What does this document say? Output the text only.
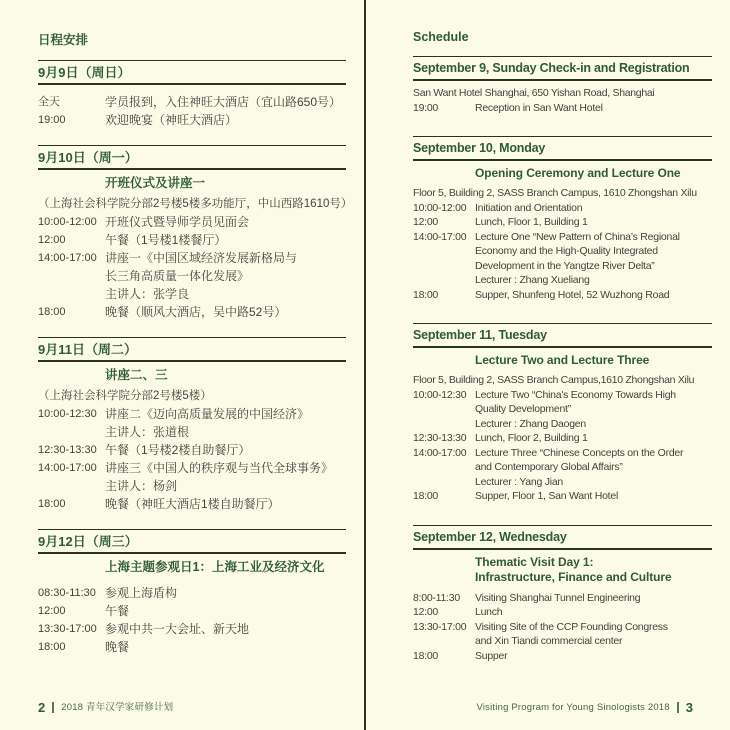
日程安排
9月9日（周日）
全天	学员报到，入住神旺大酒店（宜山路650号）
19:00	欢迎晚宴（神旺大酒店）
9月10日（周一）
开班仪式及讲座一
（上海社会科学院分部2号楼5楼多功能厅，中山西路1610号）
10:00-12:00 开班仪式暨导师学员见面会
12:00	午餐（1号楼1楼餐厅）
14:00-17:00 讲座一《中国区域经济发展新格局与
长三角高质量一体化发展》
主讲人：张学良
18:00	晚餐（顺风大酒店，吴中路52号）
9月11日（周二）
讲座二、三
（上海社会科学院分部2号楼5楼）
10:00-12:30 讲座二《迈向高质量发展的中国经济》
主讲人：张道根
12:30-13:30 午餐（1号楼2楼自助餐厅）
14:00-17:00 讲座三《中国人的秩序观与当代全球事务》
主讲人：杨剑
18:00	晚餐（神旺大酒店1楼自助餐厅）
9月12日（周三）
上海主题参观日1：上海工业及经济文化
08:30-11:30 参观上海盾构
12:00	午餐
13:30-17:00 参观中共一大会址、新天地
18:00	晚餐
2 2018 青年汉学家研修计划
Schedule
September 9, Sunday Check-in and Registration
San Want Hotel Shanghai, 650 Yishan Road, Shanghai
19:00	Reception in San Want Hotel
September 10, Monday
Opening Ceremony and Lecture One
Floor 5, Building 2, SASS Branch Campus, 1610 Zhongshan Xilu
10:00-12:00 Initiation and Orientation
12:00	Lunch, Floor 1, Building 1
14:00-17:00 Lecture One “New Pattern of China’s Regional
Economy and the High-Quality Integrated
Development in the Yangtze River Delta”
Lecturer : Zhang Xueliang
18:00	Supper, Shunfeng Hotel, 52 Wuzhong Road
September 11, Tuesday
Lecture Two and Lecture Three
Floor 5, Building 2, SASS Branch Campus,1610 Zhongshan Xilu
10:00-12:30 Lecture Two “China's Economy Towards High
Quality Development”
Lecturer : Zhang Daogen
12:30-13:30 Lunch, Floor 2, Building 1
14:00-17:00 Lecture Three “Chinese Concepts on the Order
and Contemporary Global Affairs”
Lecturer : Yang Jian
18:00	Supper, Floor 1, San Want Hotel
September 12, Wednesday
Thematic Visit Day 1:
Infrastructure, Finance and Culture
8:00-11:30	Visiting Shanghai Tunnel Engineering
12:00	Lunch
13:30-17:00 Visiting Site of the CCP Founding Congress
and Xin Tiandi commercial center
18:00	Supper
Visiting Program for Young Sinologists 2018 3
